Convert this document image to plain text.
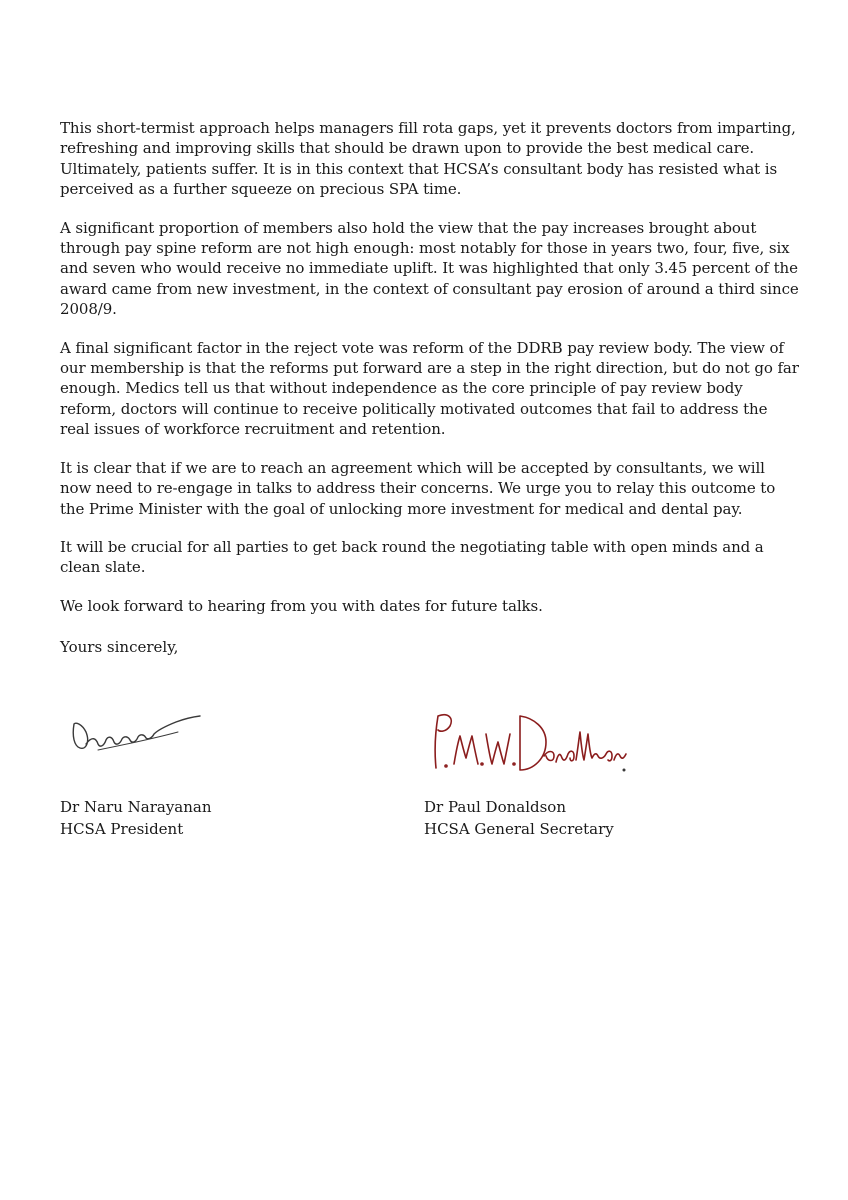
This short-termist approach helps managers fill rota gaps, yet it prevents doctors from imparting, refreshing and improving skills that should be drawn upon to provide the best medical care. Ultimately, patients suffer. It is in this context that HCSA’s consultant body has resisted what is perceived as a further squeeze on precious SPA time.

A significant proportion of members also hold the view that the pay increases brought about through pay spine reform are not high enough: most notably for those in years two, four, five, six and seven who would receive no immediate uplift. It was highlighted that only 3.45 percent of the award came from new investment, in the context of consultant pay erosion of around a third since 2008/9.

A final significant factor in the reject vote was reform of the DDRB pay review body. The view of our membership is that the reforms put forward are a step in the right direction, but do not go far enough. Medics tell us that without independence as the core principle of pay review body reform, doctors will continue to receive politically motivated outcomes that fail to address the real issues of workforce recruitment and retention.

It is clear that if we are to reach an agreement which will be accepted by consultants, we will now need to re-engage in talks to address their concerns. We urge you to relay this outcome to the Prime Minister with the goal of unlocking more investment for medical and dental pay.

It will be crucial for all parties to get back round the negotiating table with open minds and a clean slate.

We look forward to hearing from you with dates for future talks.

Yours sincerely,

Dr Naru Narayanan
HCSA President
Dr Paul Donaldson
HCSA General Secretary
